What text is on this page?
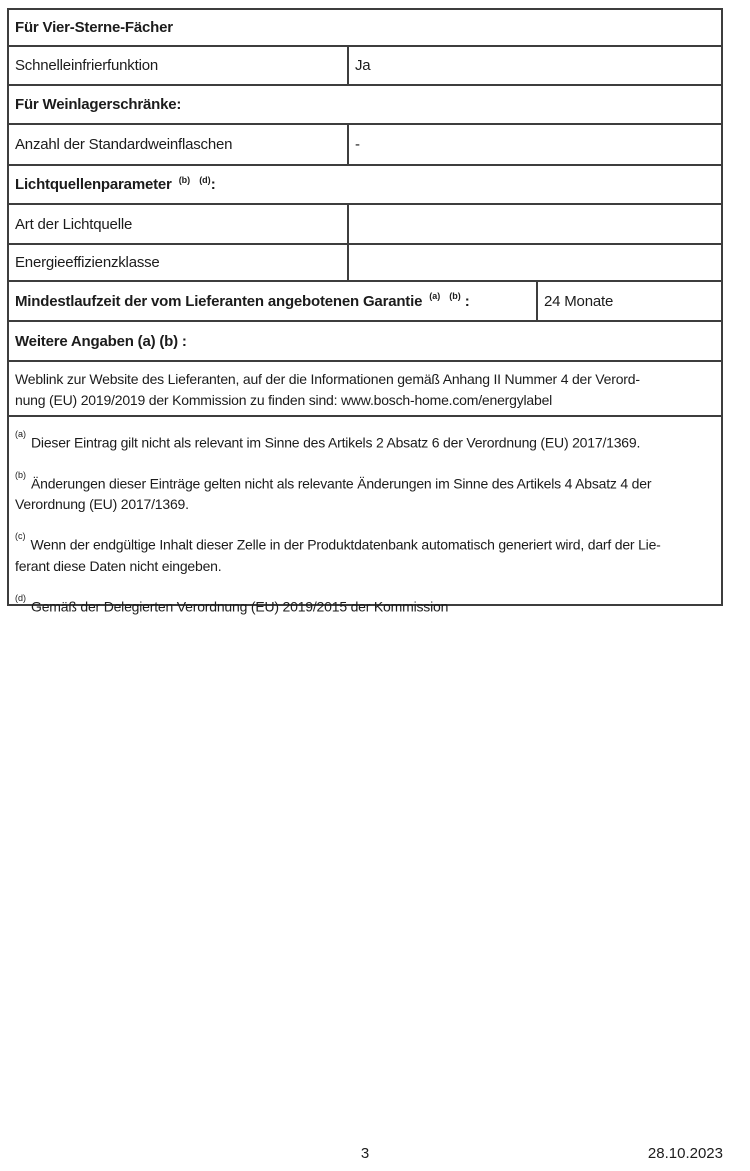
Für Vier-Sterne-Fächer
Schnelleinfrierfunktion	Ja
Für Weinlagerschränke:
Anzahl der Standardweinflaschen	-
Lichtquellenparameter $^{(b)}$ $^{(d)}$ :
Art der Lichtquelle
Energieeffizienzklasse
Mindestlaufzeit der vom Lieferanten angebotenen Garantie $^{(a)}$ $^{(b)}$ :	24 Monate
Weitere Angaben (a) (b) :
Weblink zur Website des Lieferanten, auf der die Informationen gemäß Anhang II Nummer 4 der Verord-
nung (EU) 2019/2019 der Kommission zu finden sind: www.bosch-home.com/energylabel

$^{(a)}$Dieser Eintrag gilt nicht als relevant im Sinne des Artikels 2 Absatz 6 der Verordnung (EU) 2017/1369.

$^{(b)}$Änderungen dieser Einträge gelten nicht als relevante Änderungen im Sinne des Artikels 4 Absatz 4 der
Verordnung (EU) 2017/1369.

$^{(c)}$Wenn der endgültige Inhalt dieser Zelle in der Produktdatenbank automatisch generiert wird, darf der Lie-
ferant diese Daten nicht eingeben.

$^{(d)}$Gemäß der Delegierten Verordnung (EU) 2019/2015 der Kommission

3	28.10.2023
